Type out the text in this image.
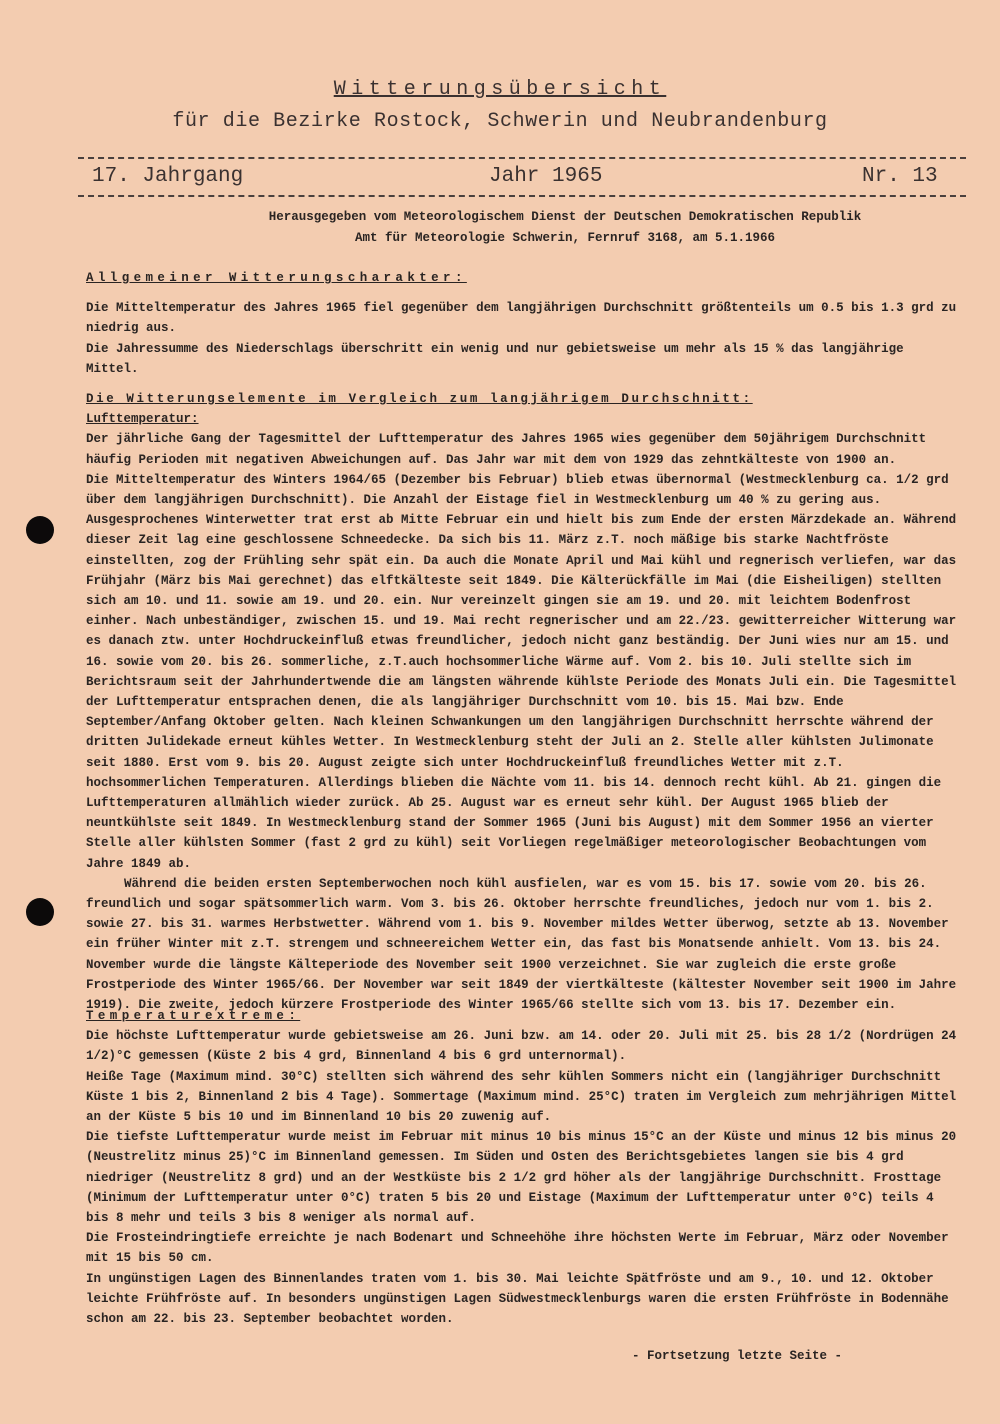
Witterungsübersicht
für die Bezirke Rostock, Schwerin und Neubrandenburg
17. Jahrgang	Jahr 1965	Nr. 13
Herausgegeben vom Meteorologischem Dienst der Deutschen Demokratischen Republik
Amt für Meteorologie Schwerin, Fernruf 3168, am 5.1.1966

Allgemeiner Witterungscharakter:

Die Mitteltemperatur des Jahres 1965 fiel gegenüber dem langjährigen Durchschnitt größtenteils um 0.5 bis 1.3 grd zu niedrig aus.

Die Jahressumme des Niederschlags überschritt ein wenig und nur gebietsweise um mehr als 15 % das langjährige Mittel.

Die Witterungselemente im Vergleich zum langjährigem Durchschnitt:

Lufttemperatur:

Der jährliche Gang der Tagesmittel der Lufttemperatur des Jahres 1965 wies gegenüber dem 50jährigem Durchschnitt häufig Perioden mit negativen Abweichungen auf. Das Jahr war mit dem von 1929 das zehntkälteste von 1900 an.

Die Mitteltemperatur des Winters 1964/65 (Dezember bis Februar) blieb etwas übernormal (Westmecklenburg ca. 1/2 grd über dem langjährigen Durchschnitt). Die Anzahl der Eistage fiel in Westmecklenburg um 40 % zu gering aus. Ausgesprochenes Winterwetter trat erst ab Mitte Februar ein und hielt bis zum Ende der ersten Märzdekade an. Während dieser Zeit lag eine geschlossene Schneedecke. Da sich bis 11. März z.T. noch mäßige bis starke Nachtfröste einstellten, zog der Frühling sehr spät ein. Da auch die Monate April und Mai kühl und regnerisch verliefen, war das Frühjahr (März bis Mai gerechnet) das elftkälteste seit 1849. Die Kälterückfälle im Mai (die Eisheiligen) stellten sich am 10. und 11. sowie am 19. und 20. ein. Nur vereinzelt gingen sie am 19. und 20. mit leichtem Bodenfrost einher. Nach unbeständiger, zwischen 15. und 19. Mai recht regnerischer und am 22./23. gewitterreicher Witterung war es danach ztw. unter Hochdruckeinfluß etwas freundlicher, jedoch nicht ganz beständig. Der Juni wies nur am 15. und 16. sowie vom 20. bis 26. sommerliche, z.T.auch hochsommerliche Wärme auf. Vom 2. bis 10. Juli stellte sich im Berichtsraum seit der Jahrhundertwende die am längsten währende kühlste Periode des Monats Juli ein. Die Tagesmittel der Lufttemperatur entsprachen denen, die als langjähriger Durchschnitt vom 10. bis 15. Mai bzw. Ende September/Anfang Oktober gelten. Nach kleinen Schwankungen um den langjährigen Durchschnitt herrschte während der dritten Julidekade erneut kühles Wetter. In Westmecklenburg steht der Juli an 2. Stelle aller kühlsten Julimonate seit 1880. Erst vom 9. bis 20. August zeigte sich unter Hochdruckeinfluß freundliches Wetter mit z.T. hochsommerlichen Temperaturen. Allerdings blieben die Nächte vom 11. bis 14. dennoch recht kühl. Ab 21. gingen die Lufttemperaturen allmählich wieder zurück. Ab 25. August war es erneut sehr kühl. Der August 1965 blieb der neuntkühlste seit 1849. In Westmecklenburg stand der Sommer 1965 (Juni bis August) mit dem Sommer 1956 an vierter Stelle aller kühlsten Sommer (fast 2 grd zu kühl) seit Vorliegen regelmäßiger meteorologischer Beobachtungen vom Jahre 1849 ab.

Während die beiden ersten Septemberwochen noch kühl ausfielen, war es vom 15. bis 17. sowie vom 20. bis 26. freundlich und sogar spätsommerlich warm. Vom 3. bis 26. Oktober herrschte freundliches, jedoch nur vom 1. bis 2. sowie 27. bis 31. warmes Herbstwetter. Während vom 1. bis 9. November mildes Wetter überwog, setzte ab 13. November ein früher Winter mit z.T. strengem und schneereichem Wetter ein, das fast bis Monatsende anhielt. Vom 13. bis 24. November wurde die längste Kälteperiode des November seit 1900 verzeichnet. Sie war zugleich die erste große Frostperiode des Winter 1965/66. Der November war seit 1849 der viertkälteste (kältester November seit 1900 im Jahre 1919). Die zweite, jedoch kürzere Frostperiode des Winter 1965/66 stellte sich vom 13. bis 17. Dezember ein.

Temperaturextreme:

Die höchste Lufttemperatur wurde gebietsweise am 26. Juni bzw. am 14. oder 20. Juli mit 25. bis 28 1/2 (Nordrügen 24 1/2)°C gemessen (Küste 2 bis 4 grd, Binnenland 4 bis 6 grd unternormal).

Heiße Tage (Maximum mind. 30°C) stellten sich während des sehr kühlen Sommers nicht ein (langjähriger Durchschnitt Küste 1 bis 2, Binnenland 2 bis 4 Tage). Sommertage (Maximum mind. 25°C) traten im Vergleich zum mehrjährigen Mittel an der Küste 5 bis 10 und im Binnenland 10 bis 20 zuwenig auf.

Die tiefste Lufttemperatur wurde meist im Februar mit minus 10 bis minus 15°C an der Küste und minus 12 bis minus 20 (Neustrelitz minus 25)°C im Binnenland gemessen. Im Süden und Osten des Berichtsgebietes langen sie bis 4 grd niedriger (Neustrelitz 8 grd) und an der Westküste bis 2 1/2 grd höher als der langjährige Durchschnitt. Frosttage (Minimum der Lufttemperatur unter 0°C) traten 5 bis 20 und Eistage (Maximum der Lufttemperatur unter 0°C) teils 4 bis 8 mehr und teils 3 bis 8 weniger als normal auf.

Die Frosteindringtiefe erreichte je nach Bodenart und Schneehöhe ihre höchsten Werte im Februar, März oder November mit 15 bis 50 cm.

In ungünstigen Lagen des Binnenlandes traten vom 1. bis 30. Mai leichte Spätfröste und am 9., 10. und 12. Oktober leichte Frühfröste auf. In besonders ungünstigen Lagen Südwestmecklenburgs waren die ersten Frühfröste in Bodennähe schon am 22. bis 23. September beobachtet worden.

- Fortsetzung letzte Seite -
